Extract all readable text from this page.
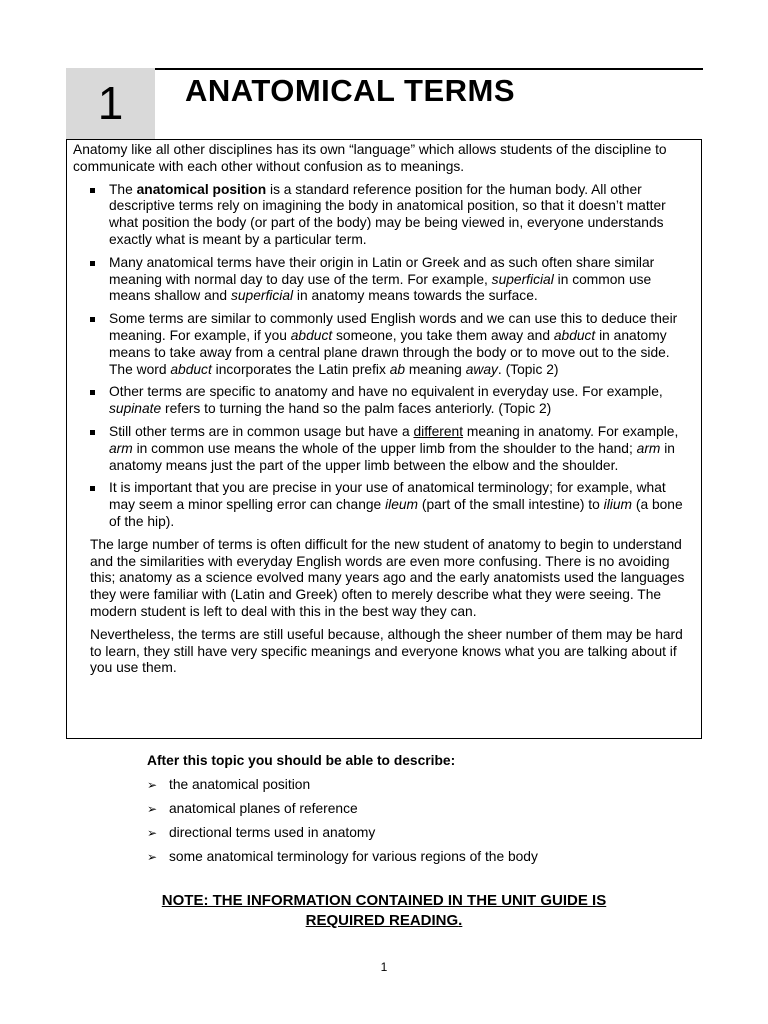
1	ANATOMICAL TERMS

Anatomy like all other disciplines has its own “language” which allows students of the discipline to communicate with each other without confusion as to meanings.

The anatomical position is a standard reference position for the human body. All other descriptive terms rely on imagining the body in anatomical position, so that it doesn’t matter what position the body (or part of the body) may be being viewed in, everyone understands exactly what is meant by a particular term.
Many anatomical terms have their origin in Latin or Greek and as such often share similar meaning with normal day to day use of the term. For example, superficial in common use means shallow and superficial in anatomy means towards the surface.
Some terms are similar to commonly used English words and we can use this to deduce their meaning. For example, if you abduct someone, you take them away and abduct in anatomy means to take away from a central plane drawn through the body or to move out to the side. The word abduct incorporates the Latin prefix ab meaning away. (Topic 2)
Other terms are specific to anatomy and have no equivalent in everyday use. For example, supinate refers to turning the hand so the palm faces anteriorly. (Topic 2)
Still other terms are in common usage but have a different meaning in anatomy. For example, arm in common use means the whole of the upper limb from the shoulder to the hand; arm in anatomy means just the part of the upper limb between the elbow and the shoulder.
It is important that you are precise in your use of anatomical terminology; for example, what may seem a minor spelling error can change ileum (part of the small intestine) to ilium (a bone of the hip).

The large number of terms is often difficult for the new student of anatomy to begin to understand and the similarities with everyday English words are even more confusing. There is no avoiding this; anatomy as a science evolved many years ago and the early anatomists used the languages they were familiar with (Latin and Greek) often to merely describe what they were seeing. The modern student is left to deal with this in the best way they can.

Nevertheless, the terms are still useful because, although the sheer number of them may be hard to learn, they still have very specific meanings and everyone knows what you are talking about if you use them.

After this topic you should be able to describe:
➢ the anatomical position
➢ anatomical planes of reference
➢ directional terms used in anatomy
➢ some anatomical terminology for various regions of the body
NOTE: THE INFORMATION CONTAINED IN THE UNIT GUIDE IS
REQUIRED READING.
1
